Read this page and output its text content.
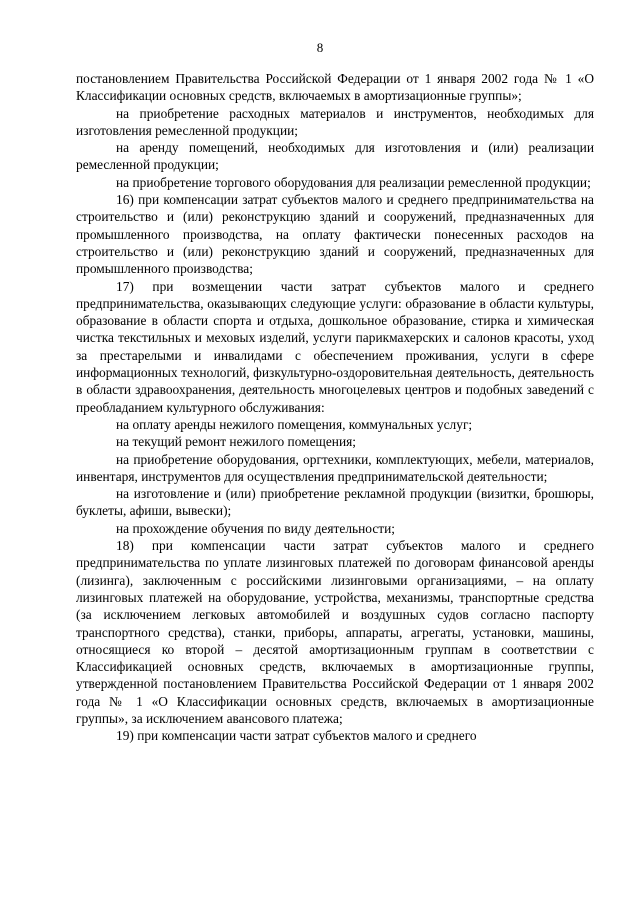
8

постановлением Правительства Российской Федерации от 1 января 2002 года № 1 «О Классификации основных средств, включаемых в амортизационные группы»;

на приобретение расходных материалов и инструментов, необходимых для изготовления ремесленной продукции;

на аренду помещений, необходимых для изготовления и (или) реализации ремесленной продукции;

на приобретение торгового оборудования для реализации ремесленной продукции;

16) при компенсации затрат субъектов малого и среднего предпринимательства на строительство и (или) реконструкцию зданий и сооружений, предназначенных для промышленного производства, на оплату фактически понесенных расходов на строительство и (или) реконструкцию зданий и сооружений, предназначенных для промышленного производства;

17) при возмещении части затрат субъектов малого и среднего предпринимательства, оказывающих следующие услуги: образование в области культуры, образование в области спорта и отдыха, дошкольное образование, стирка и химическая чистка текстильных и меховых изделий, услуги парикмахерских и салонов красоты, уход за престарелыми и инвалидами с обеспечением проживания, услуги в сфере информационных технологий, физкультурно-оздоровительная деятельность, деятельность в области здравоохранения, деятельность многоцелевых центров и подобных заведений с преобладанием культурного обслуживания:

на оплату аренды нежилого помещения, коммунальных услуг;

на текущий ремонт нежилого помещения;

на приобретение оборудования, оргтехники, комплектующих, мебели, материалов, инвентаря, инструментов для осуществления предпринимательской деятельности;

на изготовление и (или) приобретение рекламной продукции (визитки, брошюры, буклеты, афиши, вывески);

на прохождение обучения по виду деятельности;

18) при компенсации части затрат субъектов малого и среднего предпринимательства по уплате лизинговых платежей по договорам финансовой аренды (лизинга), заключенным с российскими лизинговыми организациями, – на оплату лизинговых платежей на оборудование, устройства, механизмы, транспортные средства (за исключением легковых автомобилей и воздушных судов согласно паспорту транспортного средства), станки, приборы, аппараты, агрегаты, установки, машины, относящиеся ко второй – десятой амортизационным группам в соответствии с Классификацией основных средств, включаемых в амортизационные группы, утвержденной постановлением Правительства Российской Федерации от 1 января 2002 года № 1 «О Классификации основных средств, включаемых в амортизационные группы», за исключением авансового платежа;

19) при компенсации части затрат субъектов малого и среднего
